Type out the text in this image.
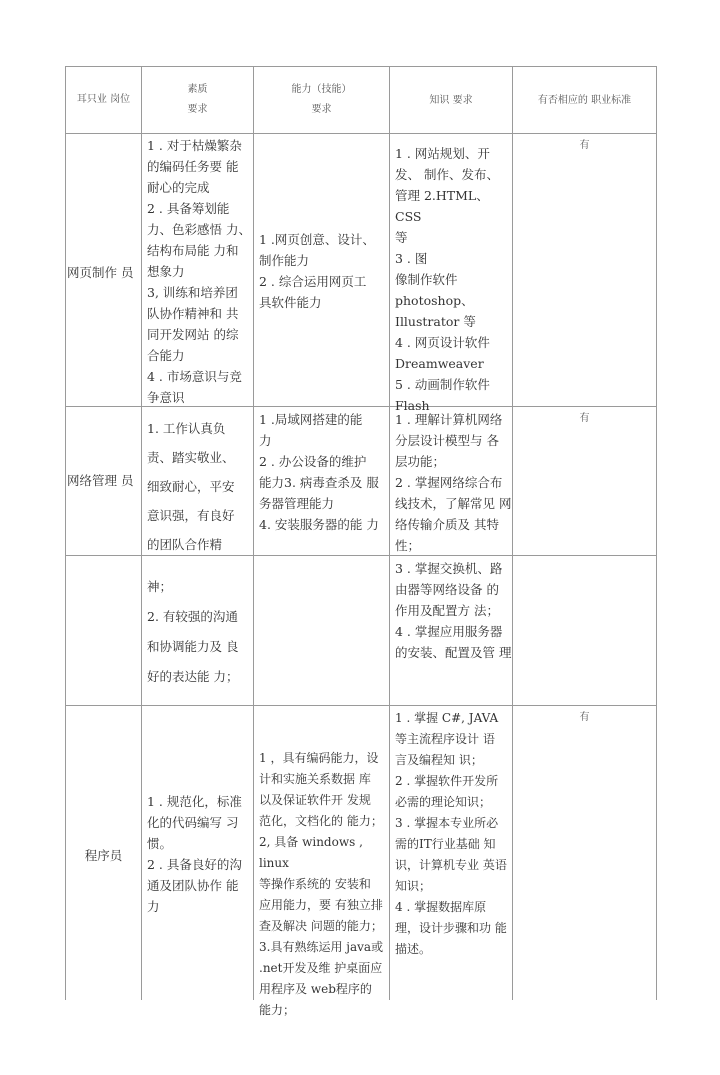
耳只业 岗位

素质

要求

能力（技能）

要求

知识 要求	有否相应的 职业标准
网页制作 员

1 . 对于枯燥繁杂

的编码任务要 能

耐心的完成

2 . 具备筹划能

力、色彩感悟 力、

结构布局能 力和

想象力

3, 训练和培养团

队协作精神和 共

同开发网站 的综

合能力

4 . 市场意识与竞

争意识

1 .网页创意、设计、

制作能力

2 . 综合运用网页工

具软件能力

1 . 网站规划、开

发、 制作、发布、

管理 2.HTML、CSS

等

3 . 图

像制作软件

photoshop、

Illustrator 等

4 . 网页设计软件

Dreamweaver

5 . 动画制作软件

Flash

有
网络管理 员

1. 工作认真负

责、踏实敬业、

细致耐心，平安

意识强，有良好

的团队合作精

1 .局域网搭建的能

力

2 . 办公设备的维护

能力3. 病毒查杀及 服

务器管理能力

4. 安装服务器的能 力

1 . 理解计算机网络

分层设计模型与 各

层功能；

2 . 掌握网络综合布

线技术，了解常见 网

络传输介质及 其特

性；

有

神；

2. 有较强的沟通

和协调能力及 良

好的表达能 力；

3 . 掌握交换机、路

由器等网络设备 的

作用及配置方 法；

4 . 掌握应用服务器

的安装、配置及管 理

程序员

1 . 规范化，标准

化的代码编写 习

惯。

2 . 具备良好的沟

通及团队协作 能

力

1 ，具有编码能力，设

计和实施关系数据 库

以及保证软件开 发规

范化，文档化的 能力；

2, 具备 windows , linux

等操作系统的 安装和

应用能力，要 有独立排

查及解决 问题的能力；

3.具有熟练运用 java或

.net开发及维 护桌面应

用程序及 web程序的

能力；

1 . 掌握 C#, JAVA

等主流程序设计 语

言及编程知 识；

2 . 掌握软件开发所

必需的理论知识；

3 . 掌握本专业所必

需的IT行业基础 知

识，计算机专业 英语

知识；

4 . 掌握数据库原

理，设计步骤和功 能

描述。

有
